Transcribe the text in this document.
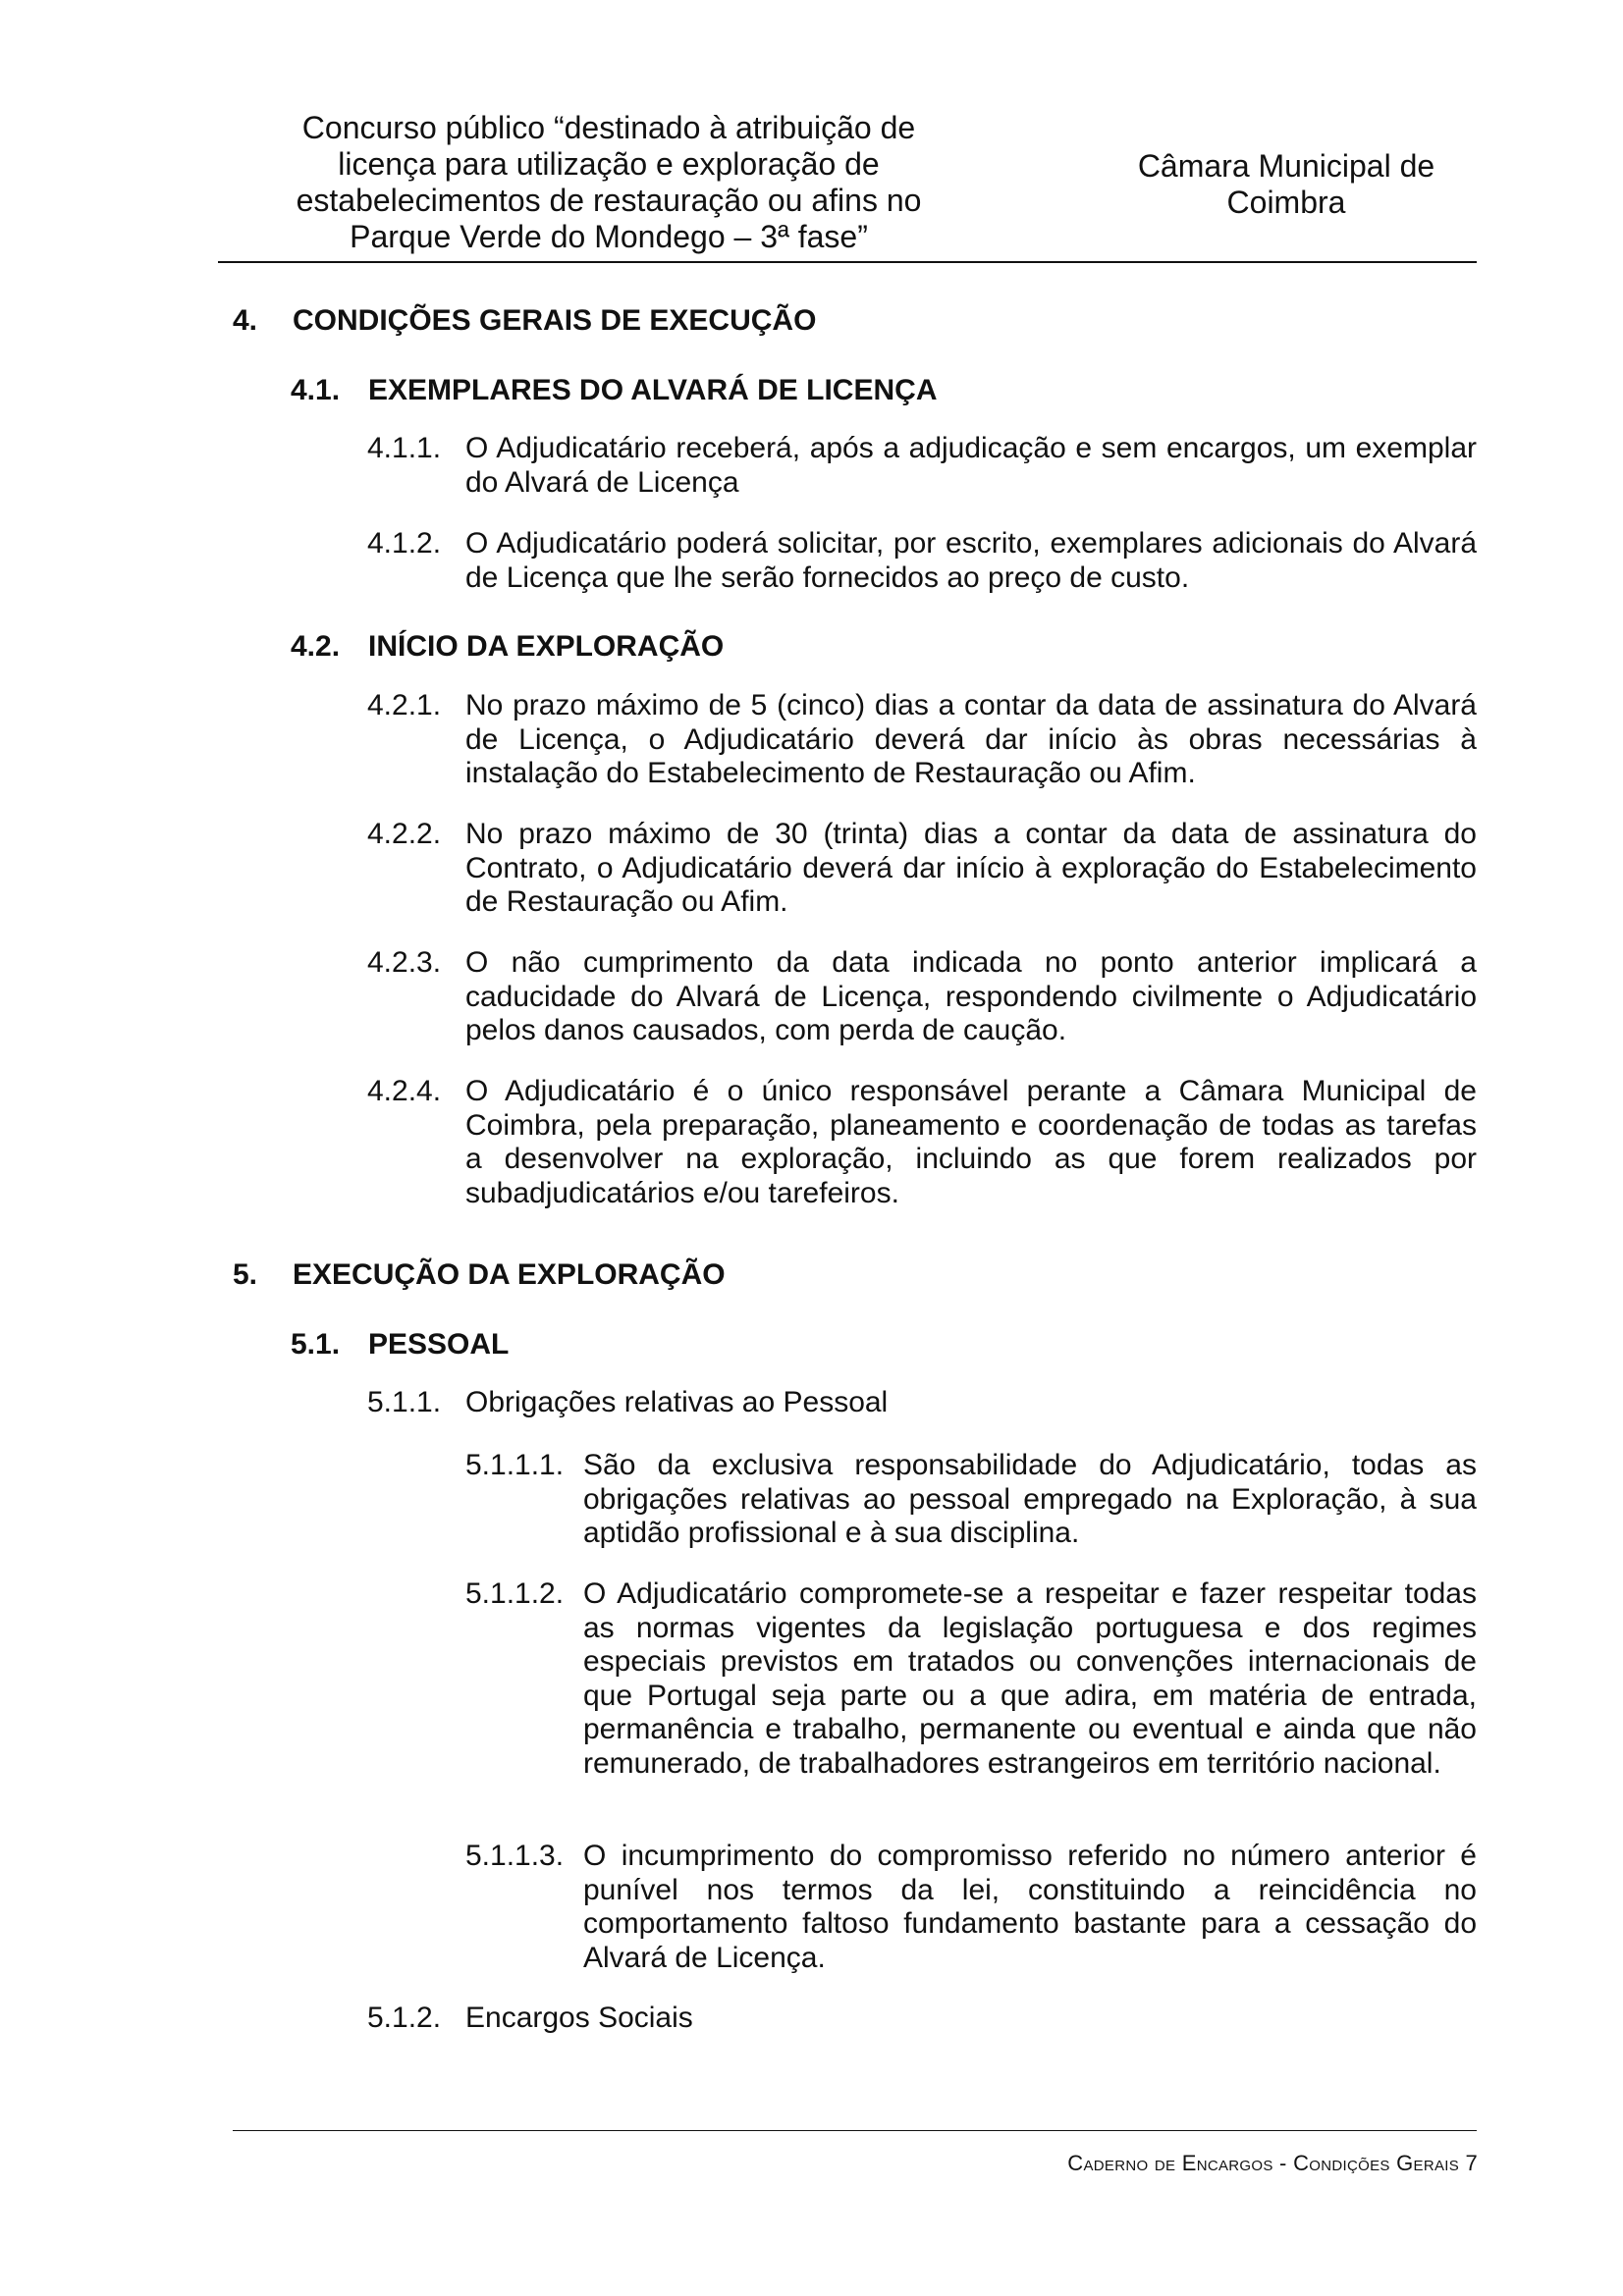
Concurso público “destinado à atribuição de
licença para utilização e exploração de
estabelecimentos de restauração ou afins no
Parque Verde do Mondego – 3ª fase”
Câmara Municipal de
Coimbra
4. CONDIÇÕES GERAIS DE EXECUÇÃO
4.1. EXEMPLARES DO ALVARÁ DE LICENÇA
4.1.1. O Adjudicatário receberá, após a adjudicação e sem encargos, um exemplar do Alvará de Licença
4.1.2. O Adjudicatário poderá solicitar, por escrito, exemplares adicionais do Alvará de Licença que lhe serão fornecidos ao preço de custo.
4.2. INÍCIO DA EXPLORAÇÃO
4.2.1. No prazo máximo de 5 (cinco) dias a contar da data de assinatura do Alvará de Licença, o Adjudicatário deverá dar início às obras necessárias à instalação do Estabelecimento de Restauração ou Afim.
4.2.2. No prazo máximo de 30 (trinta) dias a contar da data de assinatura do Contrato, o Adjudicatário deverá dar início à exploração do Estabelecimento de Restauração ou Afim.
4.2.3. O não cumprimento da data indicada no ponto anterior implicará a caducidade do Alvará de Licença, respondendo civilmente o Adjudicatário pelos danos causados, com perda de caução.
4.2.4. O Adjudicatário é o único responsável perante a Câmara Municipal de Coimbra, pela preparação, planeamento e coordenação de todas as tarefas a desenvolver na exploração, incluindo as que forem realizados por subadjudicatários e/ou tarefeiros.
5. EXECUÇÃO DA EXPLORAÇÃO
5.1. PESSOAL
5.1.1. Obrigações relativas ao Pessoal
5.1.1.1. São da exclusiva responsabilidade do Adjudicatário, todas as obrigações relativas ao pessoal empregado na Exploração, à sua aptidão profissional e à sua disciplina.
5.1.1.2. O Adjudicatário compromete-se a respeitar e fazer respeitar todas as normas vigentes da legislação portuguesa e dos regimes especiais previstos em tratados ou convenções internacionais de que Portugal seja parte ou a que adira, em matéria de entrada, permanência e trabalho, permanente ou eventual e ainda que não remunerado, de trabalhadores estrangeiros em território nacional.
5.1.1.3. O incumprimento do compromisso referido no número anterior é punível nos termos da lei, constituindo a reincidência no comportamento faltoso fundamento bastante para a cessação do Alvará de Licença.
5.1.2. Encargos Sociais
Caderno de Encargos - Condições Gerais 7
